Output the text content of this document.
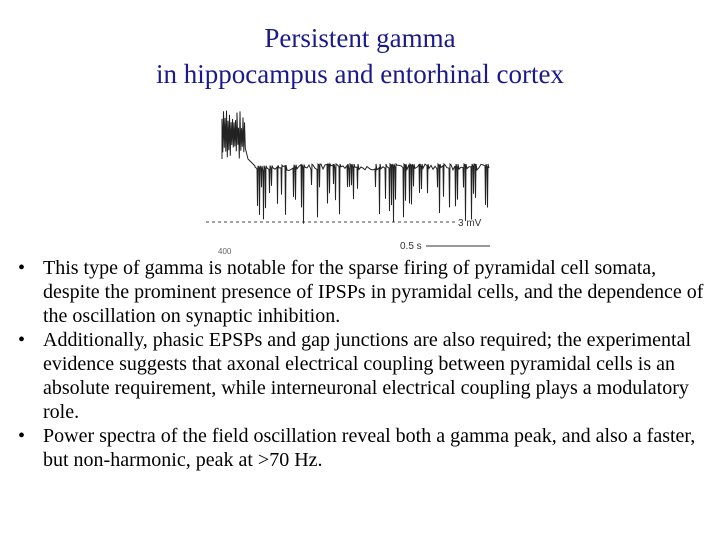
Persistent gamma
in hippocampus and entorhinal cortex
3 mV
0.5 s
400
• This type of gamma is notable for the sparse firing of pyramidal cell somata, despite the prominent presence of IPSPs in pyramidal cells, and the dependence of the oscillation on synaptic inhibition.
• Additionally, phasic EPSPs and gap junctions are also required; the experimental evidence suggests that axonal electrical coupling between pyramidal cells is an absolute requirement, while interneuronal electrical coupling plays a modulatory role.
• Power spectra of the field oscillation reveal both a gamma peak, and also a faster, but non-harmonic, peak at >70 Hz.
